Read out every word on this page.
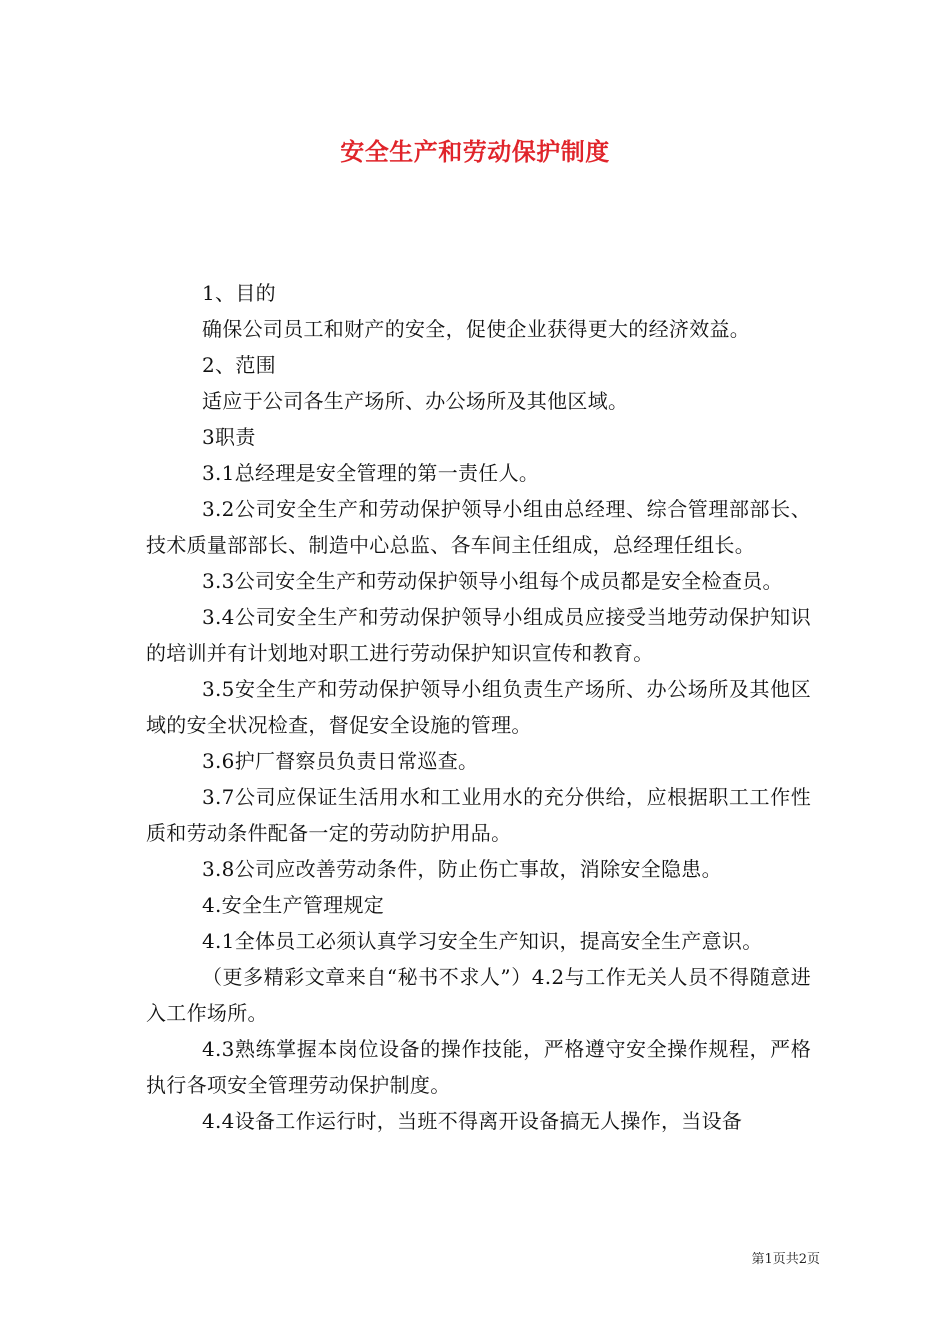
安全生产和劳动保护制度

1、目的

确保公司员工和财产的安全，促使企业获得更大的经济效益。

2、范围

适应于公司各生产场所、办公场所及其他区域。

3职责

3.1总经理是安全管理的第一责任人。

3.2公司安全生产和劳动保护领导小组由总经理、综合管理部部长、技术质量部部长、制造中心总监、各车间主任组成，总经理任组长。

3.3公司安全生产和劳动保护领导小组每个成员都是安全检查员。

3.4公司安全生产和劳动保护领导小组成员应接受当地劳动保护知识的培训并有计划地对职工进行劳动保护知识宣传和教育。

3.5安全生产和劳动保护领导小组负责生产场所、办公场所及其他区域的安全状况检查，督促安全设施的管理。

3.6护厂督察员负责日常巡查。

3.7公司应保证生活用水和工业用水的充分供给，应根据职工工作性质和劳动条件配备一定的劳动防护用品。

3.8公司应改善劳动条件，防止伤亡事故，消除安全隐患。

4.安全生产管理规定

4.1全体员工必须认真学习安全生产知识，提高安全生产意识。

（更多精彩文章来自“秘书不求人”）4.2与工作无关人员不得随意进入工作场所。

4.3熟练掌握本岗位设备的操作技能，严格遵守安全操作规程，严格执行各项安全管理劳动保护制度。

4.4设备工作运行时，当班不得离开设备搞无人操作，当设备

第1页共2页
